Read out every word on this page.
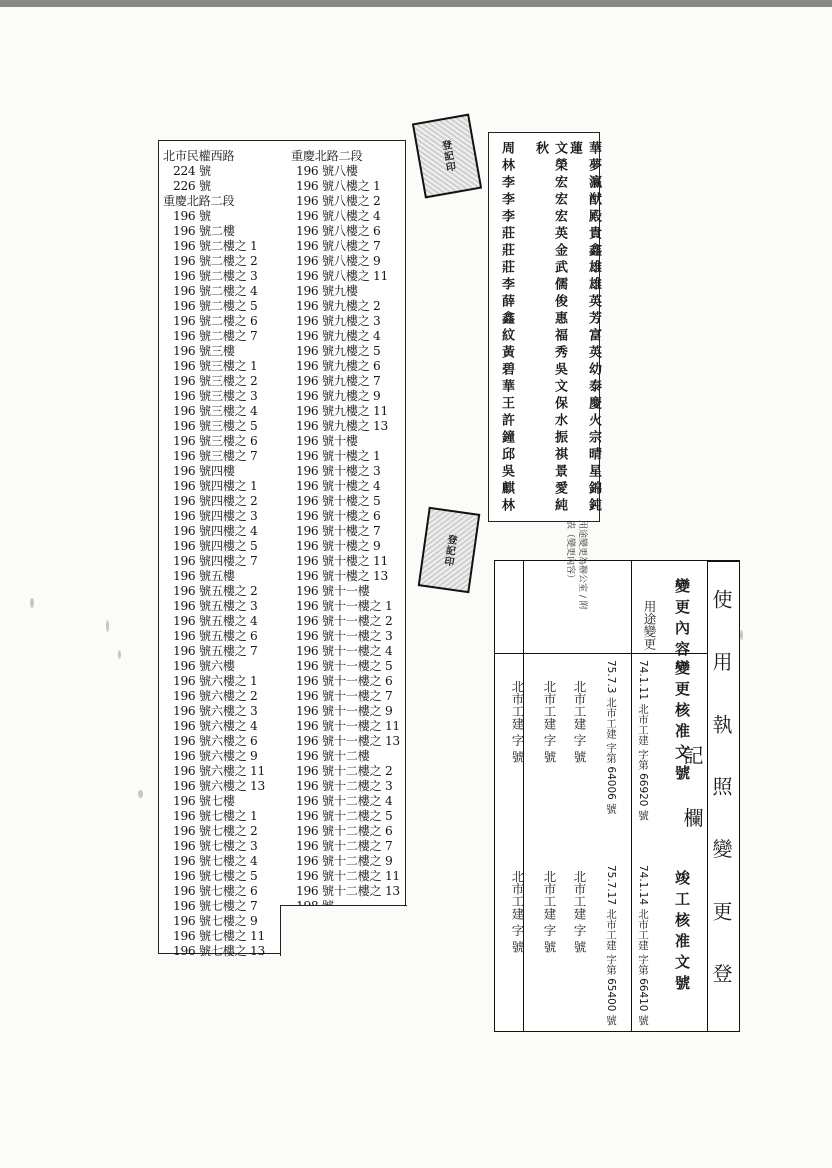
北市民權西路
224 號
226 號
重慶北路二段
196 號
196 號二樓
196 號二樓之 1
196 號二樓之 2
196 號二樓之 3
196 號二樓之 4
196 號二樓之 5
196 號二樓之 6
196 號二樓之 7
196 號三樓
196 號三樓之 1
196 號三樓之 2
196 號三樓之 3
196 號三樓之 4
196 號三樓之 5
196 號三樓之 6
196 號三樓之 7
196 號四樓
196 號四樓之 1
196 號四樓之 2
196 號四樓之 3
196 號四樓之 4
196 號四樓之 5
196 號四樓之 7
196 號五樓
196 號五樓之 2
196 號五樓之 3
196 號五樓之 4
196 號五樓之 6
196 號五樓之 7
196 號六樓
196 號六樓之 1
196 號六樓之 2
196 號六樓之 3
196 號六樓之 4
196 號六樓之 6
196 號六樓之 9
196 號六樓之 11
196 號六樓之 13
196 號七樓
196 號七樓之 1
196 號七樓之 2
196 號七樓之 3
196 號七樓之 4
196 號七樓之 5
196 號七樓之 6
196 號七樓之 7
196 號七樓之 9
196 號七樓之 11
196 號七樓之 13
重慶北路二段
196 號八樓
196 號八樓之 1
196 號八樓之 2
196 號八樓之 4
196 號八樓之 6
196 號八樓之 7
196 號八樓之 9
196 號八樓之 11
196 號九樓
196 號九樓之 2
196 號九樓之 3
196 號九樓之 4
196 號九樓之 5
196 號九樓之 6
196 號九樓之 7
196 號九樓之 9
196 號九樓之 11
196 號九樓之 13
196 號十樓
196 號十樓之 1
196 號十樓之 3
196 號十樓之 4
196 號十樓之 5
196 號十樓之 6
196 號十樓之 7
196 號十樓之 9
196 號十樓之 11
196 號十樓之 13
196 號十一樓
196 號十一樓之 1
196 號十一樓之 2
196 號十一樓之 3
196 號十一樓之 4
196 號十一樓之 5
196 號十一樓之 6
196 號十一樓之 7
196 號十一樓之 9
196 號十一樓之 11
196 號十一樓之 13
196 號十二樓
196 號十二樓之 2
196 號十二樓之 3
196 號十二樓之 4
196 號十二樓之 5
196 號十二樓之 6
196 號十二樓之 7
196 號十二樓之 9
196 號十二樓之 11
196 號十二樓之 13
華夢瀛猷殿貴鑫雄雄英芳富英幼泰慶火宗晴星錦鈍蓮
文榮宏宏宏英金武儒俊惠福秀吳文保水振祺景愛純秋
周林李李李莊莊莊李薛鑫紋黃碧華王許鐘邱吳麒林
登記印
登記印
使 用 執 照 變 更 登 記 欄
變更內容
變更核准文號
竣工核准文號
用途變更
74.1.11 北市工建 字第 66920 號
74.1.14 北市工建 字第 66410 號
75.7.3 北市工建 字第 64006 號
75.7.17 北市工建 字第 65400 號
北市工建 字 號
北市工建 字 號
北市工建 字 號
北市工建 字 號
北市工建 字 號
北市工建 字 號
用途變更為辦公室 / 附表（變更內容）
